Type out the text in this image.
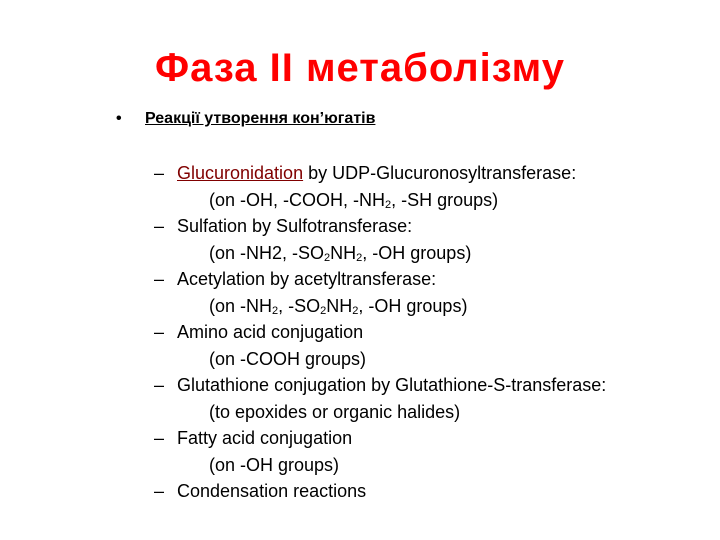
Фаза II метаболізму
•	Реакції утворення кон’югатів
– Glucuronidation by UDP-Glucuronosyltransferase:
(on -OH, -COOH, $-NH_2$, -SH groups)
– Sulfation by Sulfotransferase:
(on -NH2, $-SO_2NH_2$, -OH groups)
– Acetylation by acetyltransferase:
(on $-NH_2$, $-SO_2NH_2$, -OH groups)
– Amino acid conjugation
(on -COOH groups)
– Glutathione conjugation by Glutathione-S-transferase:
(to epoxides or organic halides)
– Fatty acid conjugation
(on -OH groups)
– Condensation reactions
